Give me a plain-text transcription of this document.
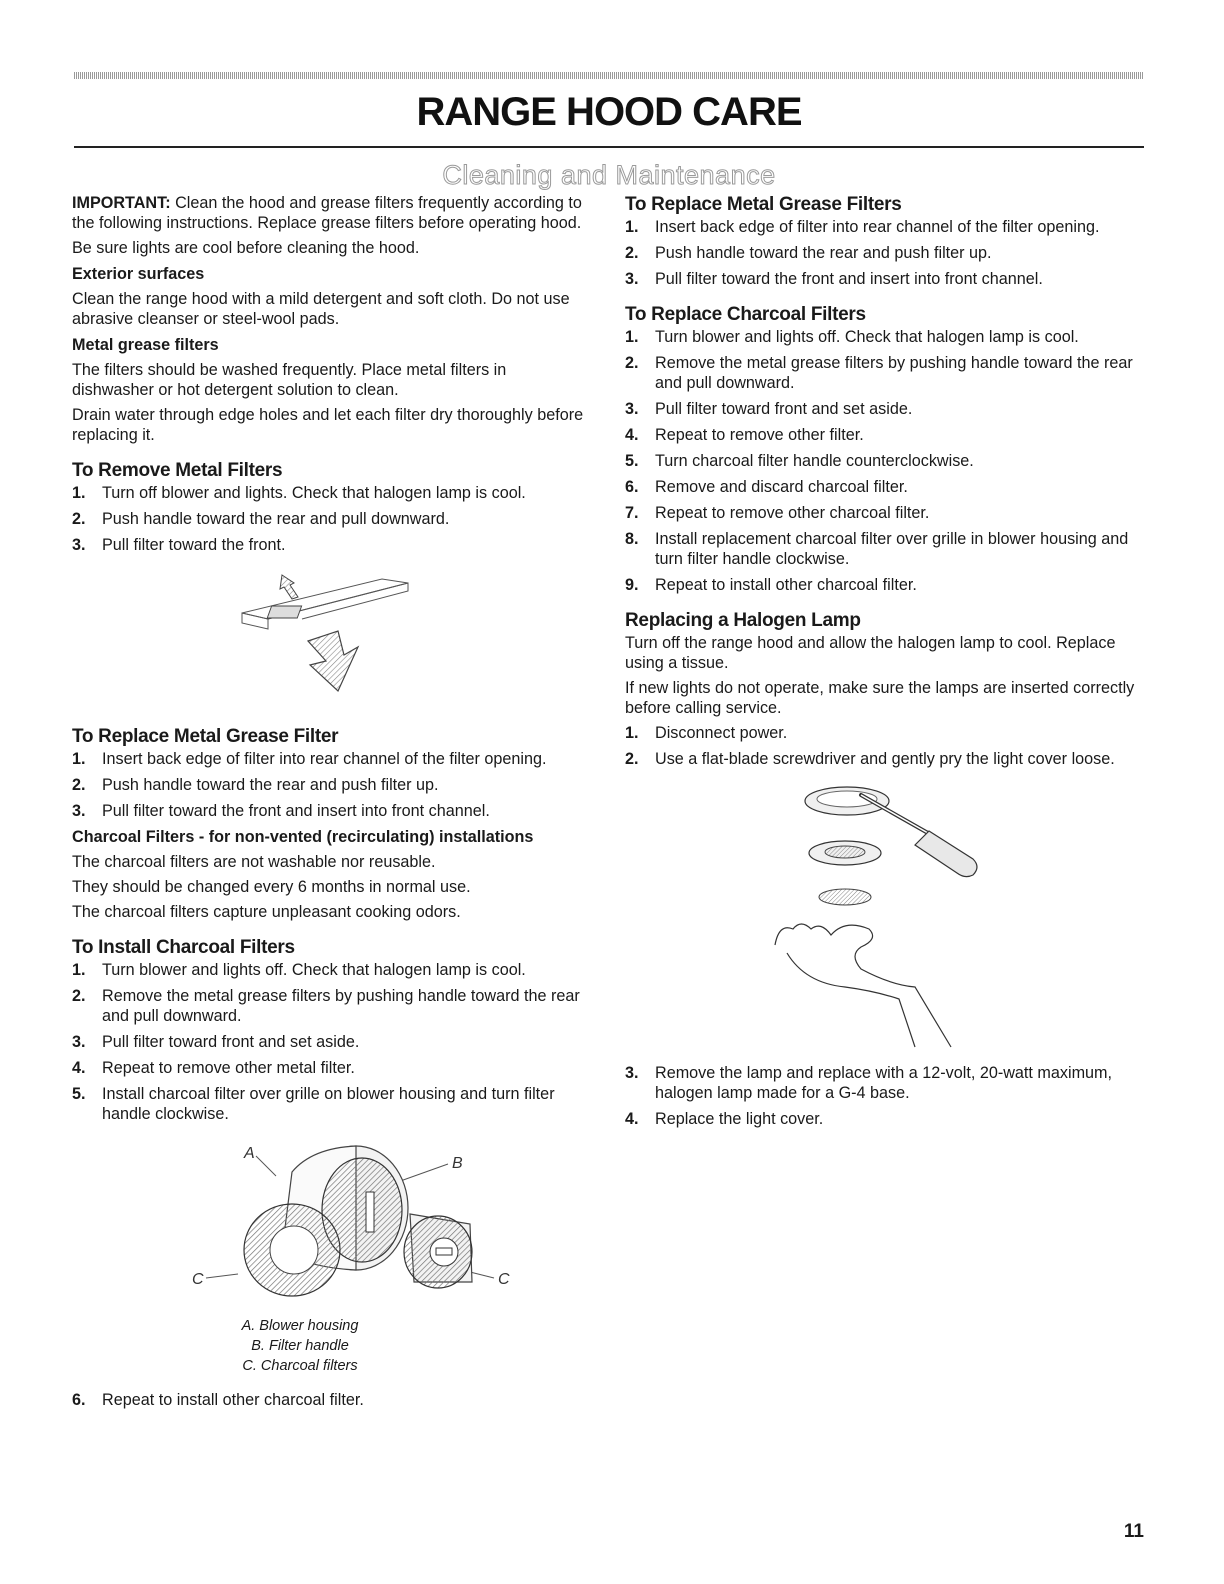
RANGE HOOD CARE
Cleaning and Maintenance

IMPORTANT: Clean the hood and grease filters frequently according to the following instructions. Replace grease filters before operating hood.

Be sure lights are cool before cleaning the hood.

Exterior surfaces

Clean the range hood with a mild detergent and soft cloth. Do not use abrasive cleanser or steel-wool pads.

Metal grease filters

The filters should be washed frequently. Place metal filters in dishwasher or hot detergent solution to clean.

Drain water through edge holes and let each filter dry thoroughly before replacing it.

To Remove Metal Filters
1. Turn off blower and lights. Check that halogen lamp is cool.
2. Push handle toward the rear and pull downward.
3. Pull filter toward the front.
To Replace Metal Grease Filter
1. Insert back edge of filter into rear channel of the filter opening.
2. Push handle toward the rear and push filter up.
3. Pull filter toward the front and insert into front channel.
Charcoal Filters - for non-vented (recirculating) installations

The charcoal filters are not washable nor reusable.

They should be changed every 6 months in normal use.

The charcoal filters capture unpleasant cooking odors.

To Install Charcoal Filters
1. Turn blower and lights off. Check that halogen lamp is cool.
2. Remove the metal grease filters by pushing handle toward the rear and pull downward.
3. Pull filter toward front and set aside.
4. Repeat to remove other metal filter.
5. Install charcoal filter over grille on blower housing and turn filter handle clockwise.
A
B
C	C
A. Blower housing
B. Filter handle
C. Charcoal filters
6. Repeat to install other charcoal filter.
To Replace Metal Grease Filters
1. Insert back edge of filter into rear channel of the filter opening.
2. Push handle toward the rear and push filter up.
3. Pull filter toward the front and insert into front channel.
To Replace Charcoal Filters
1. Turn blower and lights off. Check that halogen lamp is cool.
2. Remove the metal grease filters by pushing handle toward the rear and pull downward.
3. Pull filter toward front and set aside.
4. Repeat to remove other filter.
5. Turn charcoal filter handle counterclockwise.
6. Remove and discard charcoal filter.
7. Repeat to remove other charcoal filter.
8. Install replacement charcoal filter over grille in blower housing and turn filter handle clockwise.
9. Repeat to install other charcoal filter.
Replacing a Halogen Lamp

Turn off the range hood and allow the halogen lamp to cool. Replace using a tissue.

If new lights do not operate, make sure the lamps are inserted correctly before calling service.

1. Disconnect power.
2. Use a flat-blade screwdriver and gently pry the light cover loose.
3. Remove the lamp and replace with a 12-volt, 20-watt maximum, halogen lamp made for a G-4 base.
4. Replace the light cover.
11
